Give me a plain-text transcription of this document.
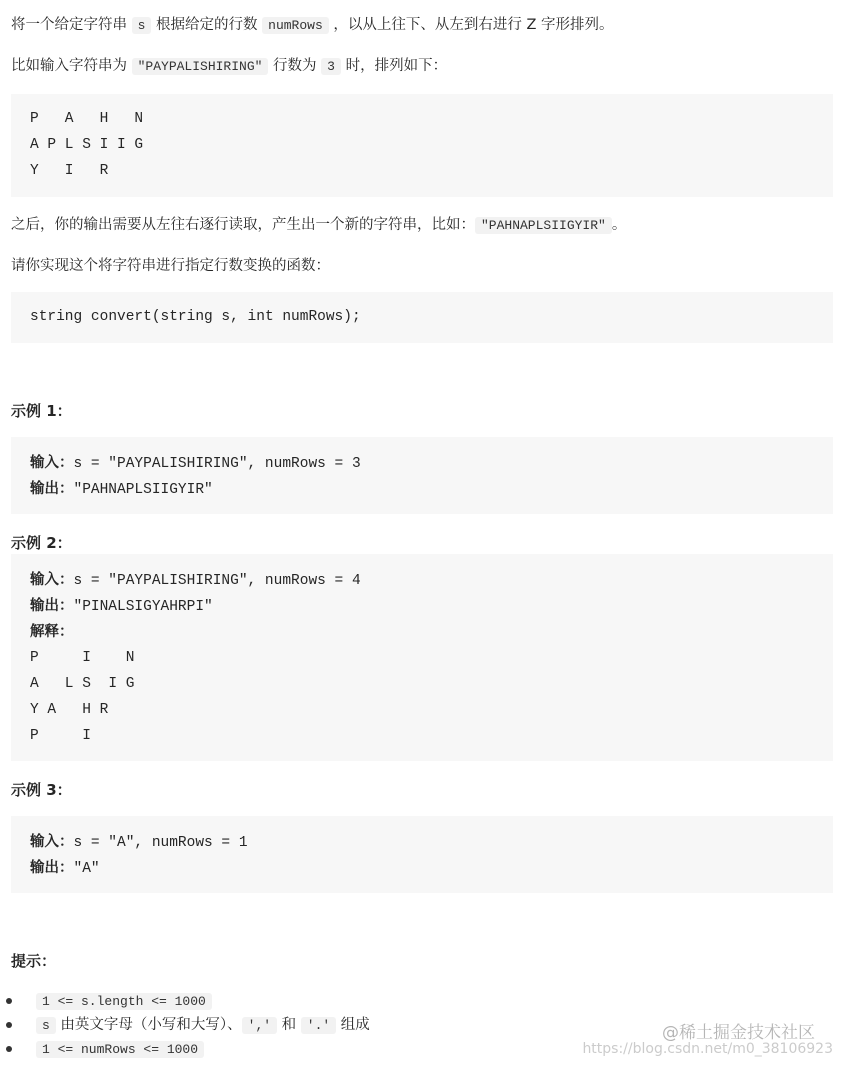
将一个给定字符串 s 根据给定的行数 numRows ，以从上往下、从左到右进行 Z 字形排列。
比如输入字符串为 "PAYPALISHIRING" 行数为 3 时，排列如下：
P   A   H   N
A P L S I I G
Y   I   R
之后，你的输出需要从左往右逐行读取，产生出一个新的字符串，比如： "PAHNAPLSIIGYIR" 。
请你实现这个将字符串进行指定行数变换的函数：
string convert(string s, int numRows);
示例 1：
输入：s = "PAYPALISHIRING", numRows = 3
输出："PAHNAPLSIIGYIR"
示例 2：
输入：s = "PAYPALISHIRING", numRows = 4
输出："PINALSIGYAHRPI"
解释：
P     I    N
A   L S  I G
Y A   H R
P     I
示例 3：
输入：s = "A", numRows = 1
输出："A"
提示：
1 <= s.length <= 1000
s 由英文字母（小写和大写）、 ',' 和 '.' 组成
1 <= numRows <= 1000
@稀土掘金技术社区
https://blog.csdn.net/m0_38106923
